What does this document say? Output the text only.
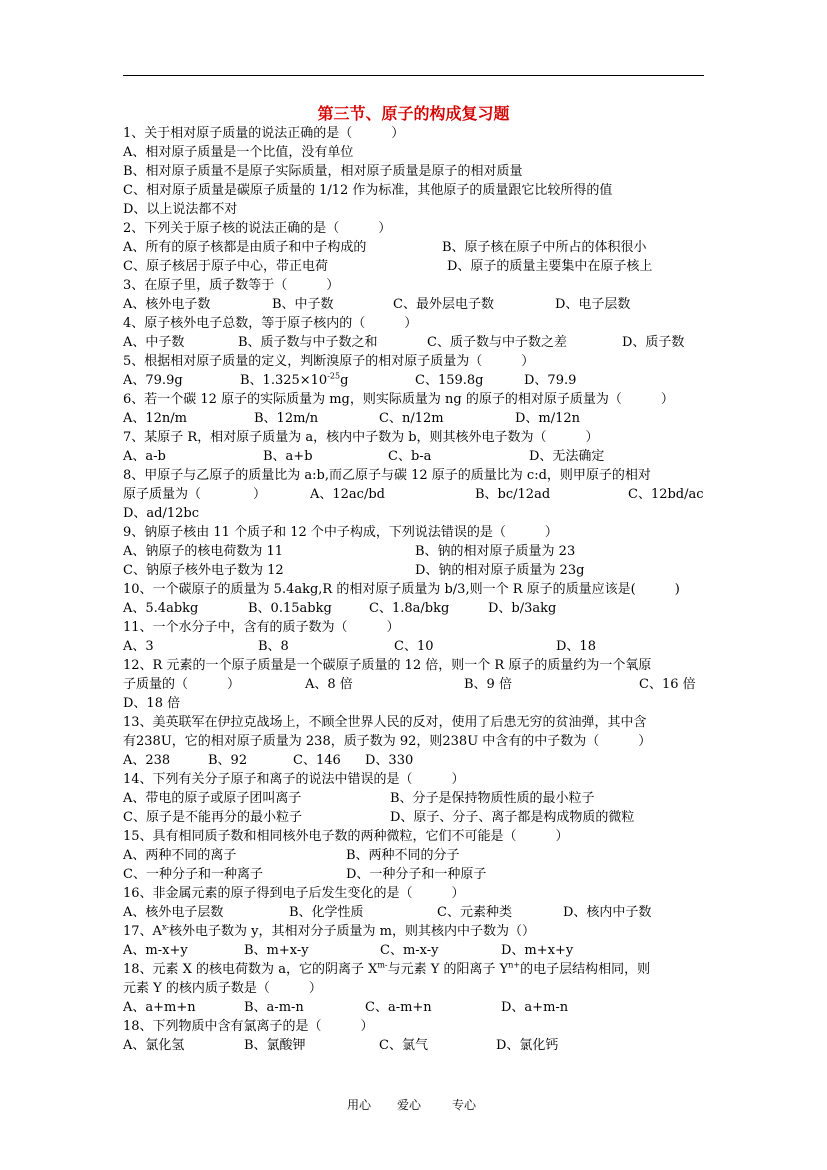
第三节、原子的构成复习题
1、关于相对原子质量的说法正确的是（　　　）
A、相对原子质量是一个比值，没有单位
B、相对原子质量不是原子实际质量，相对原子质量是原子的相对质量
C、相对原子质量是碳原子质量的 1/12 作为标准，其他原子的质量跟它比较所得的值
D、以上说法都不对
2、下列关于原子核的说法正确的是（　　　）
A、所有的原子核都是由质子和中子构成的	B、原子核在原子中所占的体积很小
C、原子核居于原子中心，带正电荷	D、原子的质量主要集中在原子核上
3、在原子里，质子数等于（　　　）
A、核外电子数	B、中子数	C、最外层电子数	D、电子层数
4、原子核外电子总数，等于原子核内的（　　　）
A、中子数	B、质子数与中子数之和	C、质子数与中子数之差	D、质子数
5、根据相对原子质量的定义，判断溴原子的相对原子质量为（　　　）
A、79.9g	B、$1.325\times 10^{-25}g$	C、159.8g	D、79.9
6、若一个碳 12 原子的实际质量为 mg，则实际质量为 ng 的原子的相对原子质量为（　　　）
A、12n/m	B、12m/n	C、n/12m	D、m/12n
7、某原子 R，相对原子质量为 a，核内中子数为 b，则其核外电子数为（　　　）
A、a-b	B、a+b	C、b-a	D、无法确定
8、甲原子与乙原子的质量比为 a:b,而乙原子与碳 12 原子的质量比为 c:d，则甲原子的相对
原子质量为（　　　　）	A、12ac/bd	B、bc/12ad	C、12bd/ac
D、ad/12bc
9、钠原子核由 11 个质子和 12 个中子构成，下列说法错误的是（　　　）
A、钠原子的核电荷数为 11	B、钠的相对原子质量为 23
C、钠原子核外电子数为 12	D、钠的相对原子质量为 23g
10、一个碳原子的质量为 5.4akg,R 的相对原子质量为 b/3,则一个 R 原子的质量应该是(　　　)
A、5.4abkg	B、0.15abkg	C、1.8a/bkg	D、b/3akg
11、一个水分子中，含有的质子数为（　　　）
A、3	B、8	C、10	D、18
12、R 元素的一个原子质量是一个碳原子质量的 12 倍，则一个 R 原子的质量约为一个氧原
子质量的（　　　）	A、8 倍	B、9 倍	C、16 倍
D、18 倍
13、美英联军在伊拉克战场上，不顾全世界人民的反对，使用了后患无穷的贫油弹，其中含
有238U，它的相对原子质量为 238，质子数为 92，则238U 中含有的中子数为（　　　）
A、238	B、92	C、146 D、330
14、下列有关分子原子和离子的说法中错误的是（　　　）
A、带电的原子或原子团叫离子	B、分子是保持物质性质的最小粒子
C、原子是不能再分的最小粒子	D、原子、分子、离子都是构成物质的微粒
15、具有相同质子数和相同核外电子数的两种微粒，它们不可能是（　　　）
A、两种不同的离子	B、两种不同的分子
C、一种分子和一种离子	D、一种分子和一种原子
16、非金属元素的原子得到电子后发生变化的是（　　　）
A、核外电子层数	B、化学性质	C、元素种类	D、核内中子数
17、$A^{x-}$核外电子数为 y，其相对分子质量为 m，则其核内中子数为（）
A、m-x+y	B、m+x-y	C、m-x-y	D、m+x+y
18、元素 X 的核电荷数为 a，它的阴离子 $X^{m-}$与元素 Y 的阳离子 $Y^{n+}$的电子层结构相同，则
元素 Y 的核内质子数是（　　　）
A、a+m+n	B、a-m-n	C、a-m+n	D、a+m-n
18、下列物质中含有氯离子的是（　　　）
A、氯化氢	B、氯酸钾	C、氯气	D、氯化钙
用心 爱心	专心
